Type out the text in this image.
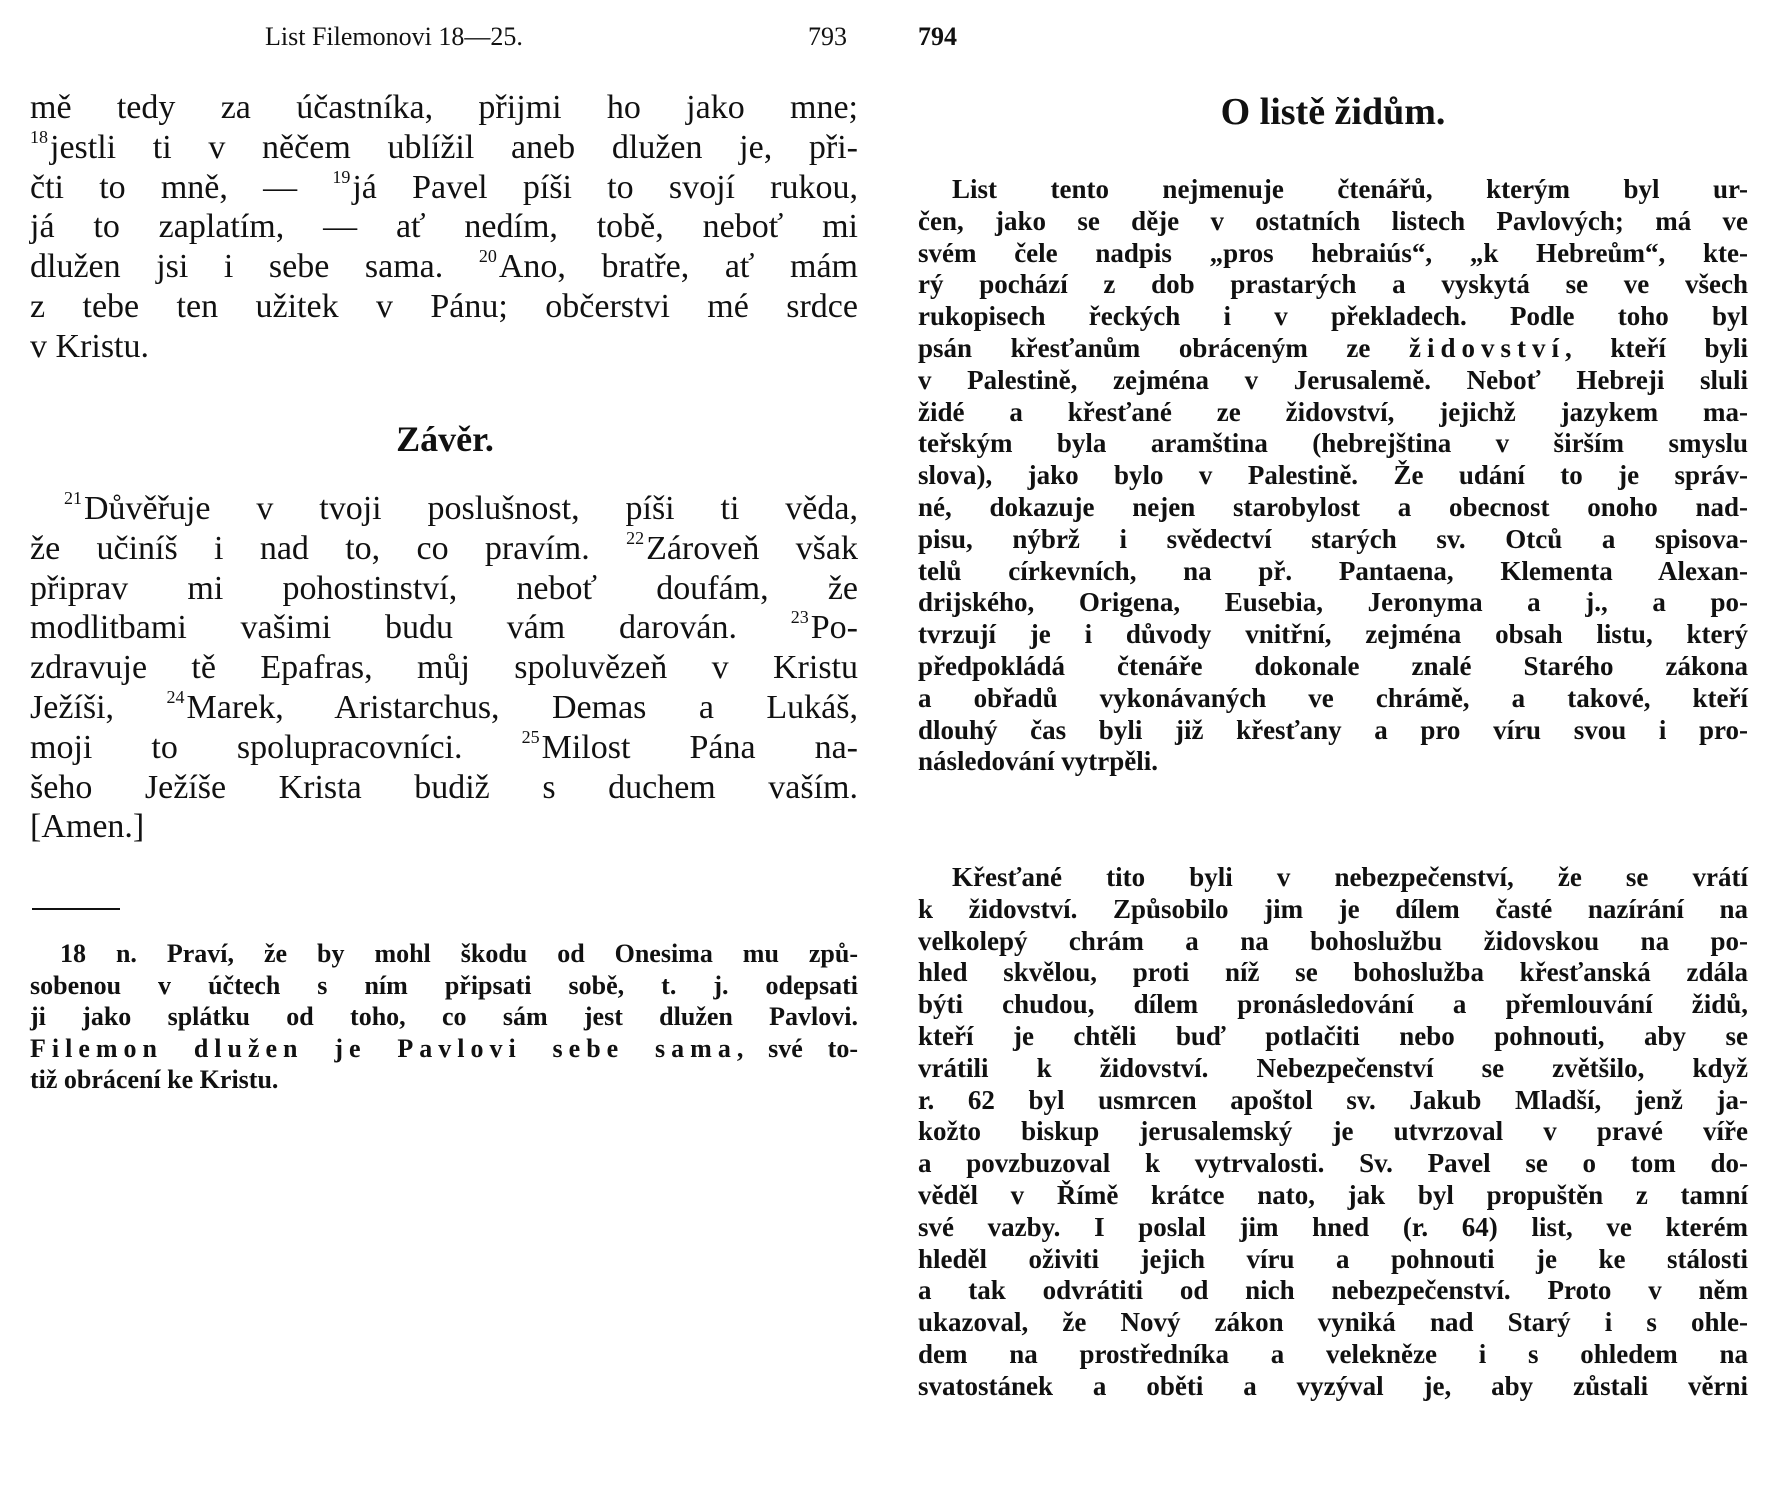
List Filemonovi 18—25.	793
mě tedy za účastníka, přijmi ho jako mne;
$^{18}$jestli ti v něčem ublížil aneb dlužen je, při-
čti to mně, — $^{19}$já Pavel píši to svojí rukou,
já to zaplatím, — ať nedím, tobě, neboť mi
dlužen jsi i sebe sama. $^{20}$Ano, bratře, ať mám
z tebe ten užitek v Pánu; občerstvi mé srdce
v Kristu.
Závěr.
$^{21}$Důvěřuje v tvoji poslušnost, píši ti věda,
že učiníš i nad to, co pravím. $^{22}$Zároveň však
připrav mi pohostinství, neboť doufám, že
modlitbami vašimi budu vám darován. $^{23}$Po-
zdravuje tě Epafras, můj spoluvězeň v Kristu
Ježíši, $^{24}$Marek, Aristarchus, Demas a Lukáš,
moji to spolupracovníci. $^{25}$Milost Pána na-
šeho Ježíše Krista budiž s duchem vaším.
[Amen.]
18 n. Praví, že by mohl škodu od Onesima mu způ-
sobenou v účtech s ním připsati sobě, t. j. odepsati
ji jako splátku od toho, co sám jest dlužen Pavlovi.
Filemon dlužen je Pavlovi sebe sama, své to-
tiž obrácení ke Kristu.
794
O listě židům.
List tento nejmenuje čtenářů, kterým byl ur-
čen, jako se děje v ostatních listech Pavlových; má ve
svém čele nadpis „pros hebraiús“, „k Hebreům“, kte-
rý pochází z dob prastarých a vyskytá se ve všech
rukopisech řeckých i v překladech. Podle toho byl
psán křesťanům obráceným ze židovství, kteří byli
v Palestině, zejména v Jerusalemě. Neboť Hebreji sluli
židé a křesťané ze židovství, jejichž jazykem ma-
teřským byla aramština (hebrejština v širším smyslu
slova), jako bylo v Palestině. Že udání to je správ-
né, dokazuje nejen starobylost a obecnost onoho nad-
pisu, nýbrž i svědectví starých sv. Otců a spisova-
telů církevních, na př. Pantaena, Klementa Alexan-
drijského, Origena, Eusebia, Jeronyma a j., a po-
tvrzují je i důvody vnitřní, zejména obsah listu, který
předpokládá čtenáře dokonale znalé Starého zákona
a obřadů vykonávaných ve chrámě, a takové, kteří
dlouhý čas byli již křesťany a pro víru svou i pro-
následování vytrpěli.
Křesťané tito byli v nebezpečenství, že se vrátí
k židovství. Způsobilo jim je dílem časté nazírání na
velkolepý chrám a na bohoslužbu židovskou na po-
hled skvělou, proti níž se bohoslužba křesťanská zdála
býti chudou, dílem pronásledování a přemlouvání židů,
kteří je chtěli buď potlačiti nebo pohnouti, aby se
vrátili k židovství. Nebezpečenství se zvětšilo, když
r. 62 byl usmrcen apoštol sv. Jakub Mladší, jenž ja-
kožto biskup jerusalemský je utvrzoval v pravé víře
a povzbuzoval k vytrvalosti. Sv. Pavel se o tom do-
věděl v Římě krátce nato, jak byl propuštěn z tamní
své vazby. I poslal jim hned (r. 64) list, ve kterém
hleděl oživiti jejich víru a pohnouti je ke stálosti
a tak odvrátiti od nich nebezpečenství. Proto v něm
ukazoval, že Nový zákon vyniká nad Starý i s ohle-
dem na prostředníka a velekněze i s ohledem na
svatostánek a oběti a vyzýval je, aby zůstali věrni
